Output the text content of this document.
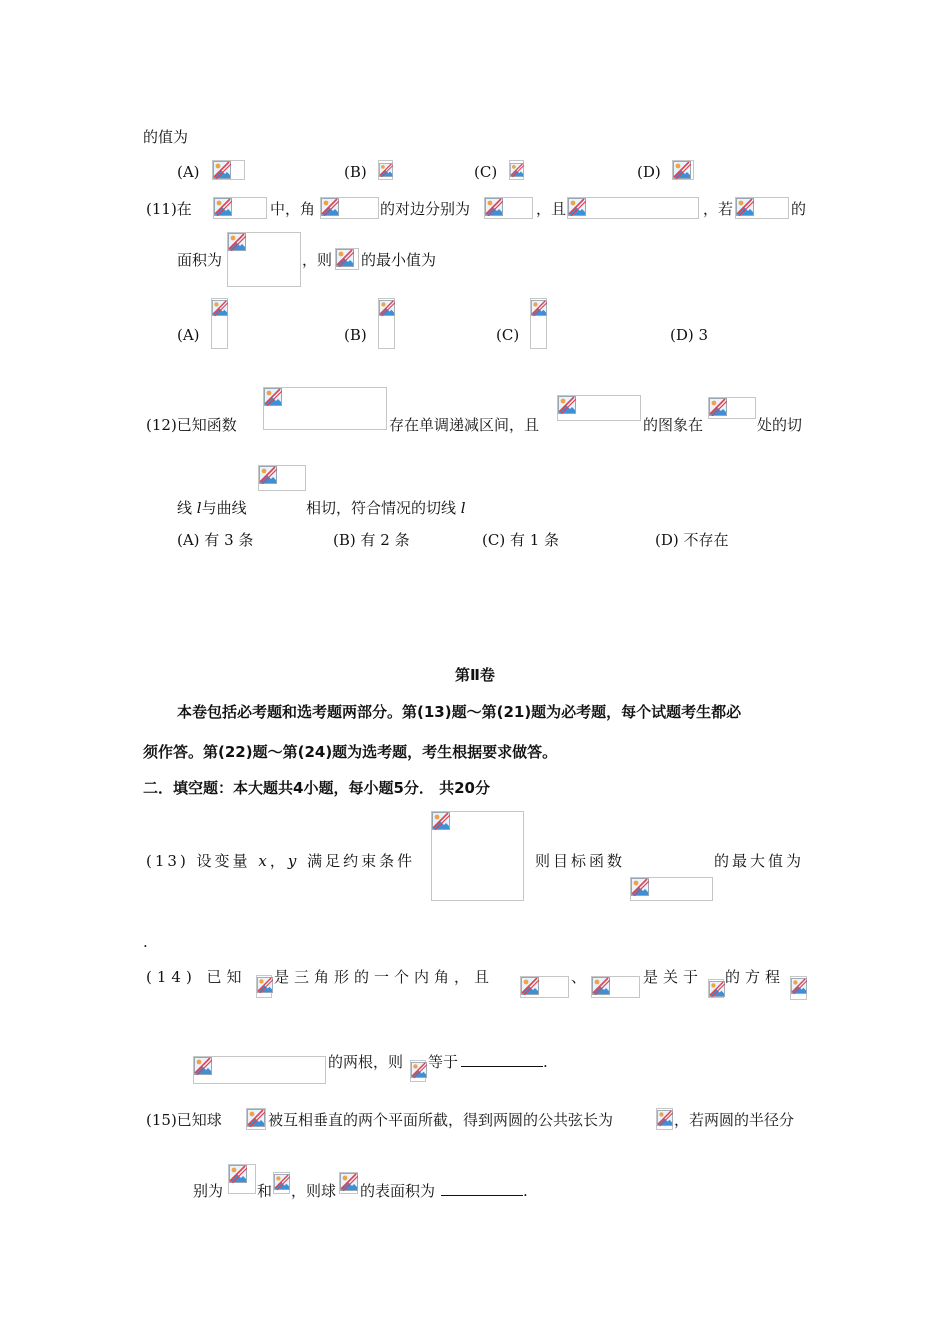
的值为
(A)	(B)	(C)	(D)
(11)在	中，角	的对边分别为	，且	，若	的
面积为	，则 的最小值为
(A)	(B)	(C)	(D) 3
(12)已知函数	存在单调递减区间，且	的图象在	处的切
线 l与曲线	相切，符合情况的切线 l
(A) 有 3 条	(B) 有 2 条	(C) 有 1 条	(D) 不存在
第Ⅱ卷
本卷包括必考题和选考题两部分。第(13)题～第(21)题为必考题，每个试题考生都必
须作答。第(22)题～第(24)题为选考题，考生根据要求做答。
二．填空题：本大题共4小题，每小题5分． 共20分
(13) 设变量 x，y 满足约束条件	则目标函数	的最大值为
.
(14) 已知 是三角形的一个内角，且	、	是关于 的方程
的两根，则 等于	.
(15)已知球	被互相垂直的两个平面所截，得到两圆的公共弦长为	，若两圆的半径分
别为 和 ，则球 的表面积为	.
